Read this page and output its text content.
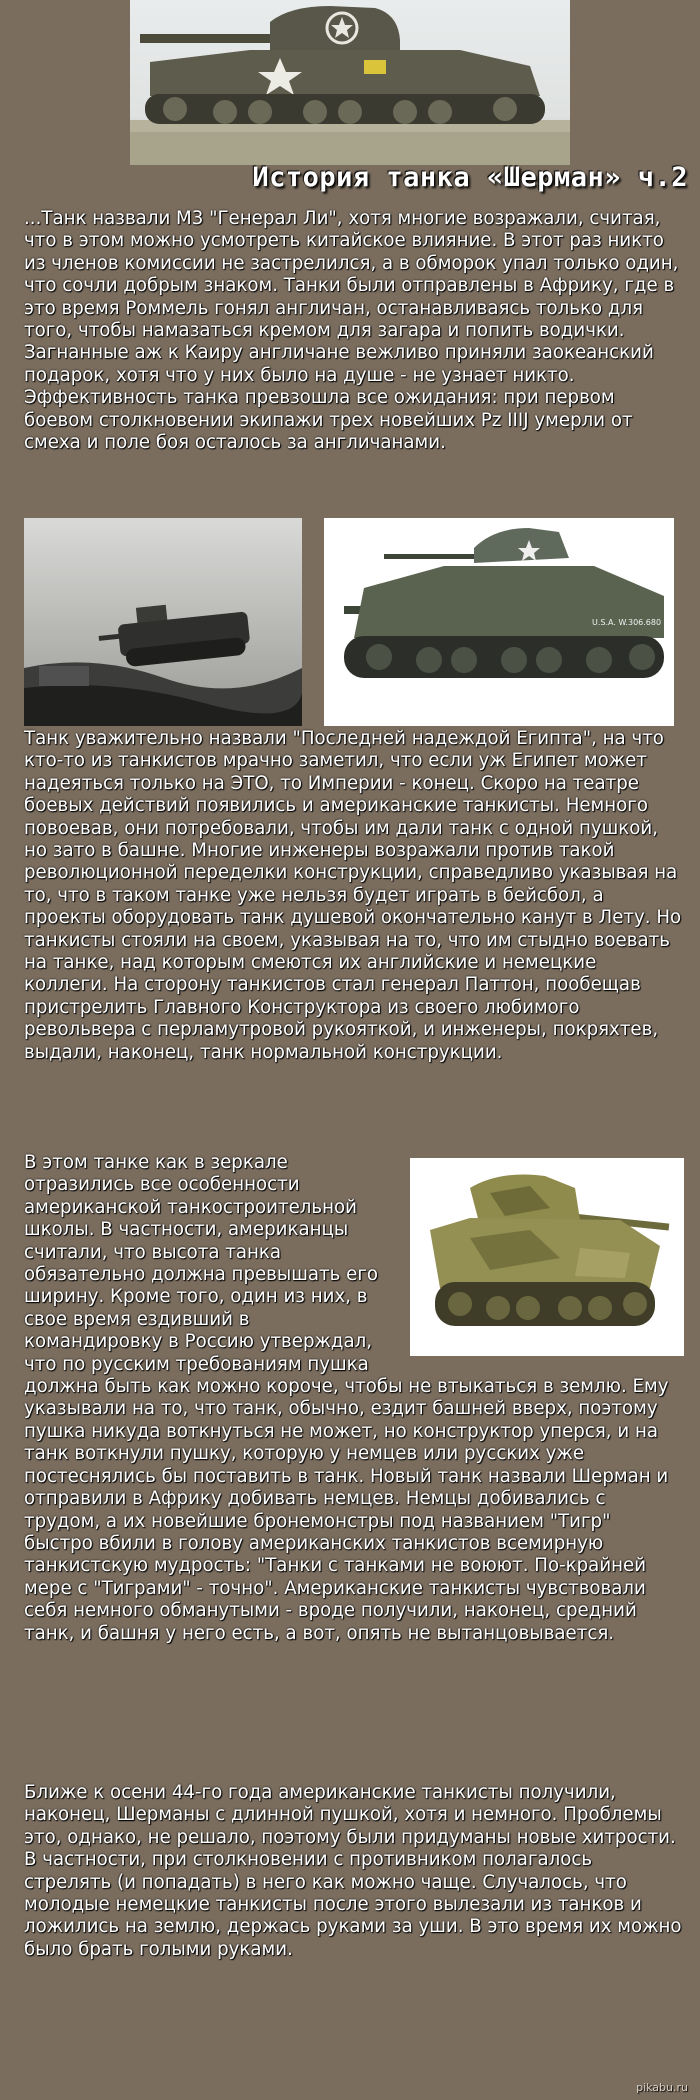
История танка «Шерман» ч.2

...Танк назвали М3 "Генерал Ли", хотя многие возражали, считая, что в этом можно усмотреть китайское влияние. В этот раз никто из членов комиссии не застрелился, а в обморок упал только один, что сочли добрым знаком. Танки были отправлены в Африку, где в это время Роммель гонял англичан, останавливаясь только для того, чтобы намазаться кремом для загара и попить водички. Загнанные аж к Каиру англичане вежливо приняли заокеанский подарок, хотя что у них было на душе - не узнает никто. Эффективность танка превзошла все ожидания: при первом боевом столкновении экипажи трех новейших Pz IIIJ умерли от смеха и поле боя осталось за англичанами.

U.S.A. W.306.680

Танк уважительно назвали "Последней надеждой Египта", на что кто-то из танкистов мрачно заметил, что если уж Египет может надеяться только на ЭТО, то Империи - конец. Скоро на театре боевых действий появились и американские танкисты. Немного повоевав, они потребовали, чтобы им дали танк с одной пушкой, но зато в башне. Многие инженеры возражали против такой революционной переделки конструкции, справедливо указывая на то, что в таком танке уже нельзя будет играть в бейсбол, а проекты оборудовать танк душевой окончательно канут в Лету. Но танкисты стояли на своем, указывая на то, что им стыдно воевать на танке, над которым смеются их английские и немецкие коллеги. На сторону танкистов стал генерал Паттон, пообещав пристрелить Главного Конструктора из своего любимого револьвера с перламутровой рукояткой, и инженеры, покряхтев, выдали, наконец, танк нормальной конструкции.

В этом танке как в зеркале отразились все особенности американской танкостроительной школы. В частности, американцы считали, что высота танка обязательно должна превышать его ширину. Кроме того, один из них, в свое время ездивший в командировку в Россию утверждал, что по русским требованиям пушка должна быть как можно короче, чтобы не втыкаться в землю. Ему указывали на то, что танк, обычно, ездит башней вверх, поэтому пушка никуда воткнуться не может, но конструктор уперся, и на танк воткнули пушку, которую у немцев или русских уже постеснялись бы поставить в танк. Новый танк назвали Шерман и отправили в Африку добивать немцев. Немцы добивались с трудом, а их новейшие бронемонстры под названием "Тигр" быстро вбили в голову американских танкистов всемирную танкистскую мудрость: "Танки с танками не воюют. По-крайней мере с "Тиграми" - точно". Американские танкисты чувствовали себя немного обманутыми - вроде получили, наконец, средний танк, и башня у него есть, а вот, опять не вытанцовывается.

Ближе к осени 44-го года американские танкисты получили, наконец, Шерманы с длинной пушкой, хотя и немного. Проблемы это, однако, не решало, поэтому были придуманы новые хитрости. В частности, при столкновении с противником полагалось стрелять (и попадать) в него как можно чаще. Случалось, что молодые немецкие танкисты после этого вылезали из танков и ложились на землю, держась руками за уши. В это время их можно было брать голыми руками.

pikabu.ru
